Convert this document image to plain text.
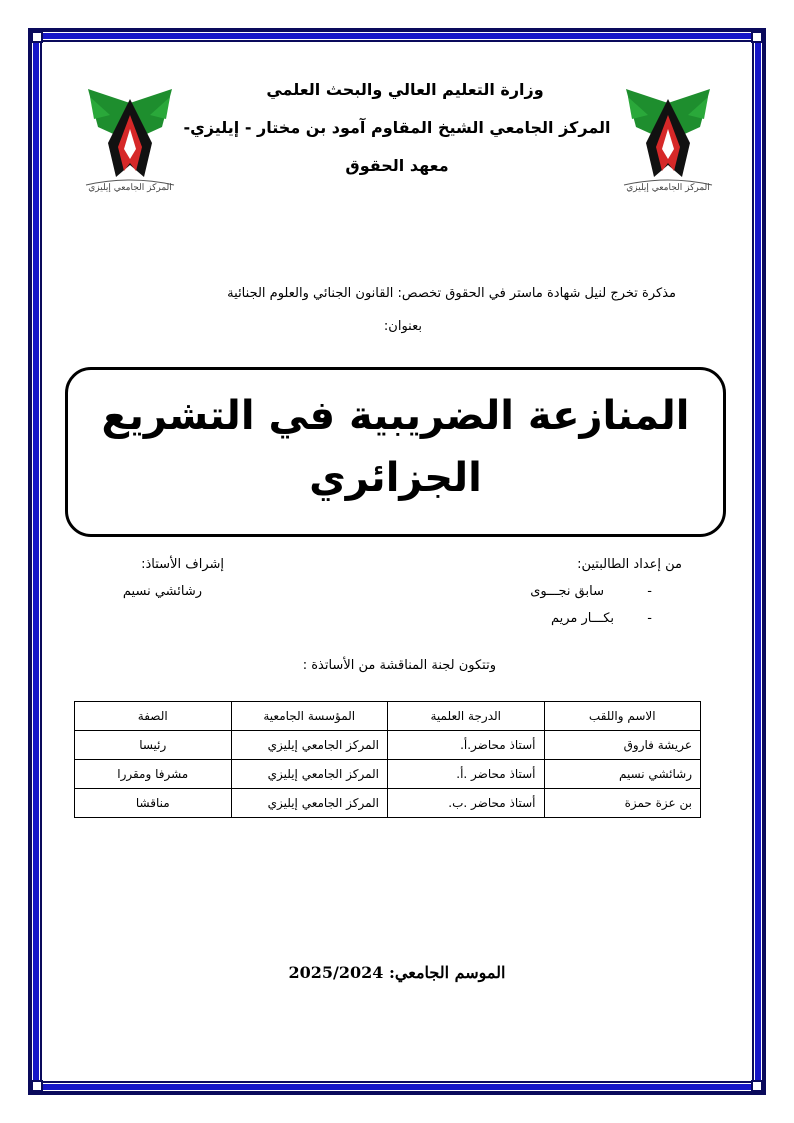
المركز الجامعي إيليزي	المركز الجامعي إيليزي
وزارة التعليم العالي والبحث العلمي
المركز الجامعي الشيخ المقاوم آمود بن مختار - إيليزي-
معهد الحقوق
مذكرة تخرج لنيل شهادة ماستر في الحقوق تخصص: القانون الجنائي والعلوم الجنائية
بعنوان:
المنازعة الضريبية في التشريع
الجزائري
من إعداد الطالبتين:
-
سابق نجـــوى
-
بكـــار مريم
إشراف الأستاذ:
رشائشي نسيم
وتتكون لجنة المناقشة من الأساتذة :
الاسم واللقب	الدرجة العلمية	المؤسسة الجامعية	الصفة
عريشة فاروق	أستاذ محاضر.أ.	المركز الجامعي إيليزي	رئيسا
رشائشي نسيم	أستاذ محاضر .أ.	المركز الجامعي إيليزي	مشرفا ومقررا
بن عزة حمزة	أستاذ محاضر .ب.	المركز الجامعي إيليزي	مناقشا
الموسم الجامعي: 2025/2024
